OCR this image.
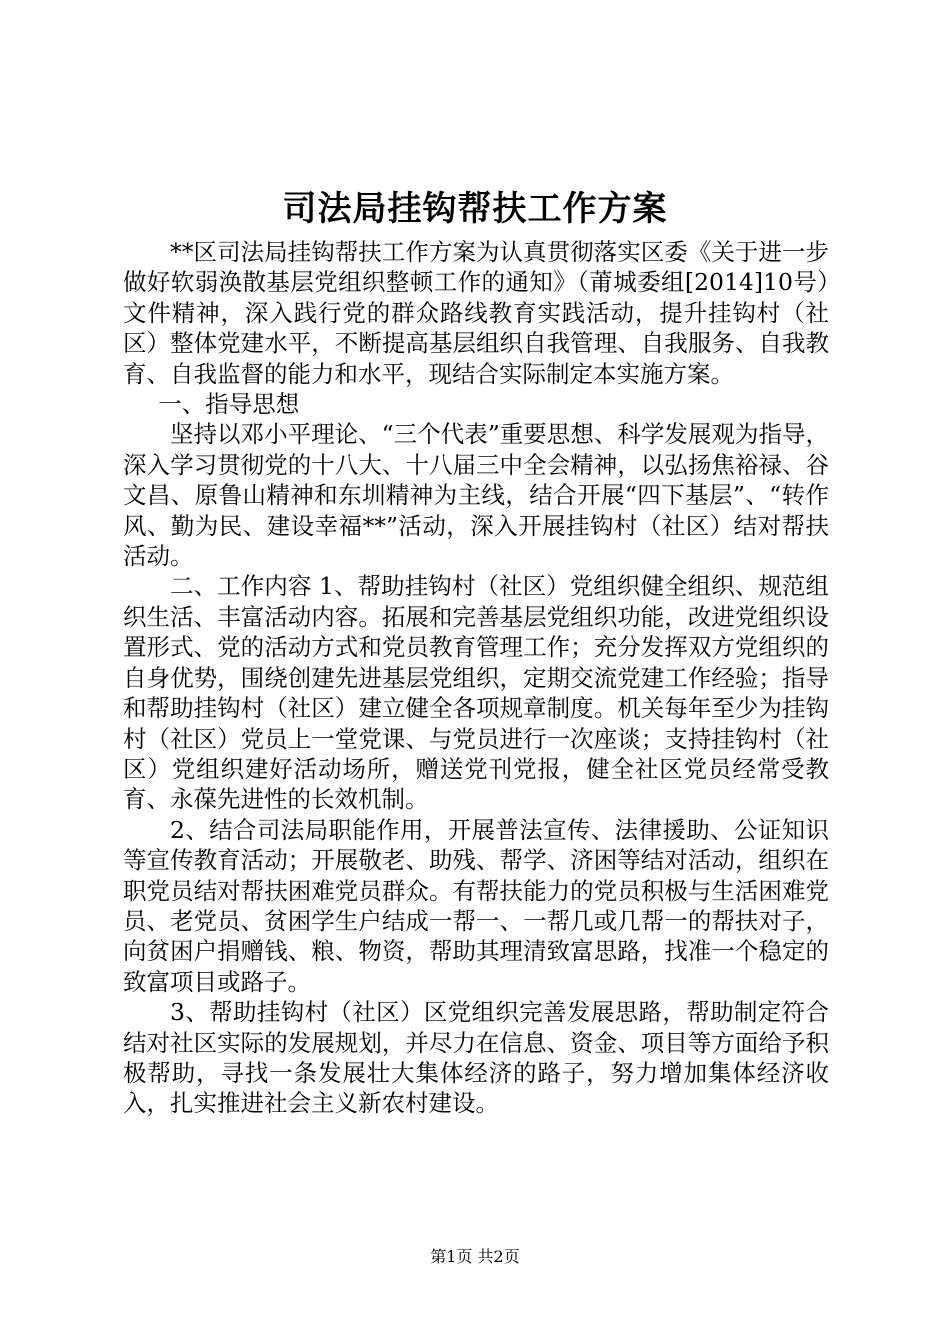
司法局挂钩帮扶工作方案

**区司法局挂钩帮扶工作方案为认真贯彻落实区委《关于进一步做好软弱涣散基层党组织整顿工作的通知》（莆城委组[2014]10号）文件精神，深入践行党的群众路线教育实践活动，提升挂钩村（社区）整体党建水平，不断提高基层组织自我管理、自我服务、自我教育、自我监督的能力和水平，现结合实际制定本实施方案。

一、指导思想

坚持以邓小平理论、“三个代表”重要思想、科学发展观为指导，深入学习贯彻党的十八大、十八届三中全会精神，以弘扬焦裕禄、谷文昌、原鲁山精神和东圳精神为主线，结合开展“四下基层”、“转作风、勤为民、建设幸福**”活动，深入开展挂钩村（社区）结对帮扶活动。

二、工作内容 1、帮助挂钩村（社区）党组织健全组织、规范组织生活、丰富活动内容。拓展和完善基层党组织功能，改进党组织设置形式、党的活动方式和党员教育管理工作；充分发挥双方党组织的自身优势，围绕创建先进基层党组织，定期交流党建工作经验；指导和帮助挂钩村（社区）建立健全各项规章制度。机关每年至少为挂钩村（社区）党员上一堂党课、与党员进行一次座谈；支持挂钩村（社区）党组织建好活动场所，赠送党刊党报，健全社区党员经常受教育、永葆先进性的长效机制。

2、结合司法局职能作用，开展普法宣传、法律援助、公证知识等宣传教育活动；开展敬老、助残、帮学、济困等结对活动，组织在职党员结对帮扶困难党员群众。有帮扶能力的党员积极与生活困难党员、老党员、贫困学生户结成一帮一、一帮几或几帮一的帮扶对子，向贫困户捐赠钱、粮、物资，帮助其理清致富思路，找准一个稳定的致富项目或路子。

3、帮助挂钩村（社区）区党组织完善发展思路，帮助制定符合结对社区实际的发展规划，并尽力在信息、资金、项目等方面给予积极帮助，寻找一条发展壮大集体经济的路子，努力增加集体经济收入，扎实推进社会主义新农村建设。

第1页 共2页
